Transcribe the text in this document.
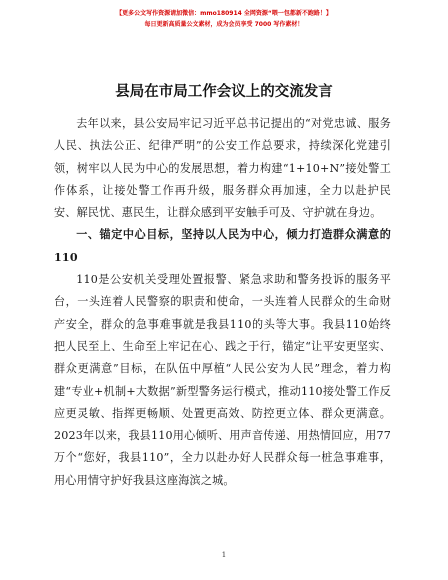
【更多公文写作资源请加微信：mmo180914 全网资源“喂一包都新不跑路！】
每日更新高质量公文素材，成为会员享受 7000 写作素材！
县局在市局工作会议上的交流发言

去年以来，县公安局牢记习近平总书记提出的“对党忠诚、服务人民、执法公正、纪律严明”的公安工作总要求，持续深化党建引领，树牢以人民为中心的发展思想，着力构建“1+10+N”接处警工作体系，让接处警工作再升级，服务群众再加速，全力以赴护民安、解民忧、惠民生，让群众感到平安触手可及、守护就在身边。

一、锚定中心目标，坚持以人民为中心，倾力打造群众满意的110

110是公安机关受理处置报警、紧急求助和警务投诉的服务平台，一头连着人民警察的职责和使命，一头连着人民群众的生命财产安全，群众的急事难事就是我县110的头等大事。我县110始终把人民至上、生命至上牢记在心、践之于行，锚定“让平安更坚实、群众更满意”目标，在队伍中厚植“人民公安为人民”理念，着力构建“专业+机制+大数据”新型警务运行模式，推动110接处警工作反应更灵敏、指挥更畅顺、处置更高效、防控更立体、群众更满意。2023年以来，我县110用心倾听、用声音传递、用热情回应，用77万个“您好，我县110”，全力以赴办好人民群众每一桩急事难事，用心用情守护好我县这座海滨之城。

1
